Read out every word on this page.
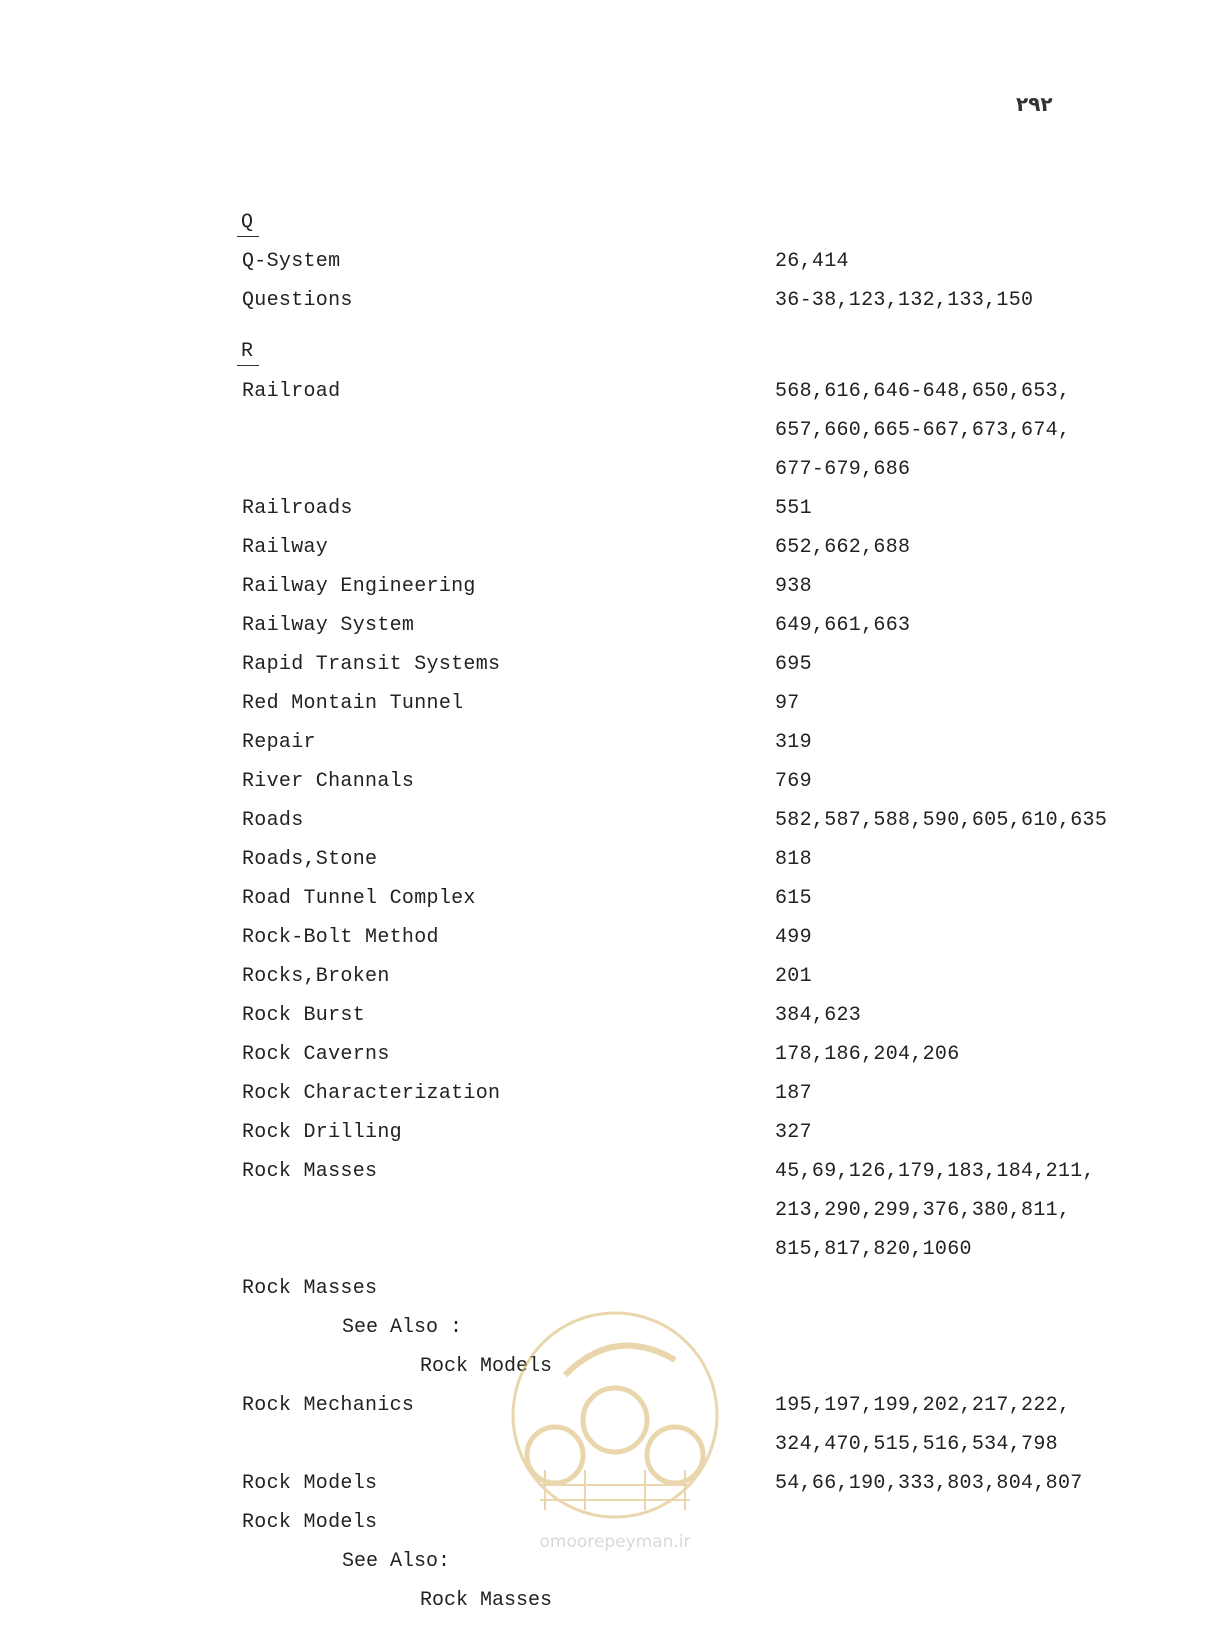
۲۹۲
Q
Q-System	26,414
Questions	36-38,123,132,133,150
R
Railroad	568,616,646-648,650,653,
657,660,665-667,673,674,
677-679,686
Railroads	551
Railway	652,662,688
Railway Engineering	938
Railway System	649,661,663
Rapid Transit Systems	695
Red Montain Tunnel	97
Repair	319
River Channals	769
Roads	582,587,588,590,605,610,635
Roads,Stone	818
Road Tunnel Complex	615
Rock-Bolt Method	499
Rocks,Broken	201
Rock Burst	384,623
Rock Caverns	178,186,204,206
Rock Characterization	187
Rock Drilling	327
Rock Masses	45,69,126,179,183,184,211,
213,290,299,376,380,811,
815,817,820,1060
Rock Masses
See Also :
Rock Models
Rock Mechanics	195,197,199,202,217,222,
324,470,515,516,534,798
Rock Models	54,66,190,333,803,804,807
Rock Models
See Also:
Rock Masses
omoorepeyman.ir
